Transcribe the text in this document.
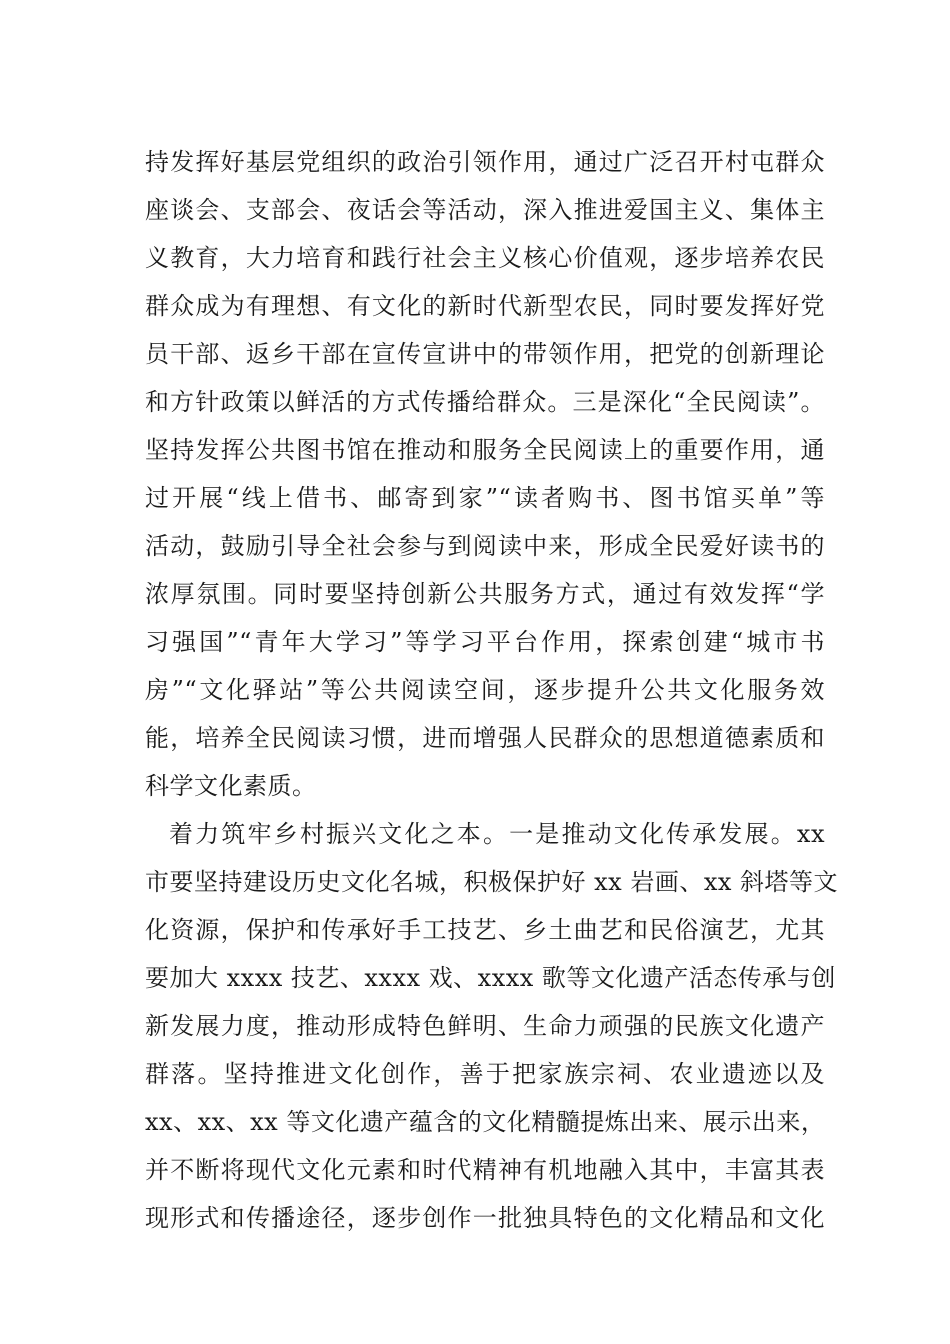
持发挥好基层党组织的政治引领作用，通过广泛召开村屯群众
座谈会、支部会、夜话会等活动，深入推进爱国主义、集体主
义教育，大力培育和践行社会主义核心价值观，逐步培养农民
群众成为有理想、有文化的新时代新型农民，同时要发挥好党
员干部、返乡干部在宣传宣讲中的带领作用，把党的创新理论
和方针政策以鲜活的方式传播给群众。三是深化“全民阅读”。
坚持发挥公共图书馆在推动和服务全民阅读上的重要作用，通
过开展“线上借书、邮寄到家”“读者购书、图书馆买单”等
活动，鼓励引导全社会参与到阅读中来，形成全民爱好读书的
浓厚氛围。同时要坚持创新公共服务方式，通过有效发挥“学
习强国”“青年大学习”等学习平台作用，探索创建“城市书
房”“文化驿站”等公共阅读空间，逐步提升公共文化服务效
能，培养全民阅读习惯，进而增强人民群众的思想道德素质和
科学文化素质。
着力筑牢乡村振兴文化之本。一是推动文化传承发展。xx
市要坚持建设历史文化名城，积极保护好 xx 岩画、xx 斜塔等文
化资源，保护和传承好手工技艺、乡土曲艺和民俗演艺，尤其
要加大 xxxx 技艺、xxxx 戏、xxxx 歌等文化遗产活态传承与创
新发展力度，推动形成特色鲜明、生命力顽强的民族文化遗产
群落。坚持推进文化创作，善于把家族宗祠、农业遗迹以及
xx、xx、xx 等文化遗产蕴含的文化精髓提炼出来、展示出来，
并不断将现代文化元素和时代精神有机地融入其中，丰富其表
现形式和传播途径，逐步创作一批独具特色的文化精品和文化
